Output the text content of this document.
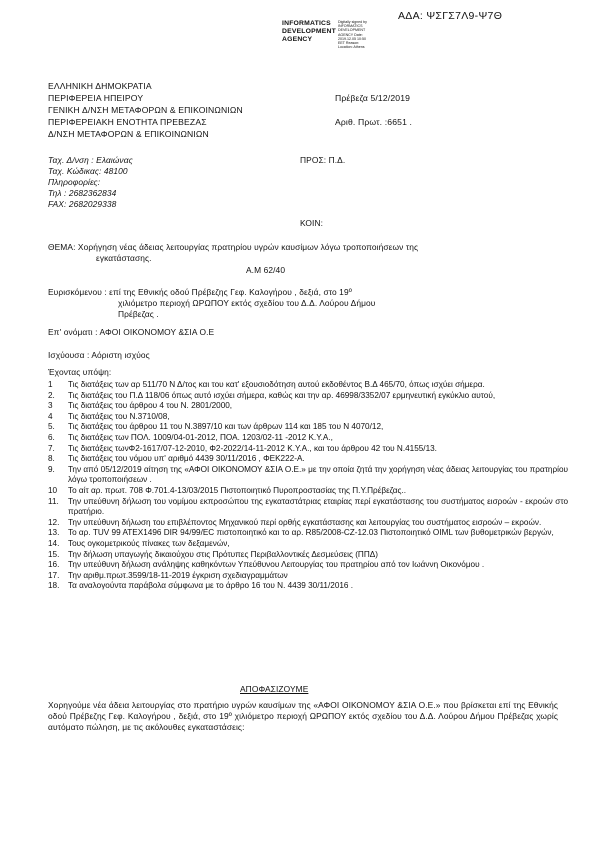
ΑΔΑ: ΨΣΓΣ7Λ9-Ψ7Θ
INFORMATICS
DEVELOPMENT
AGENCY
Digitally signed by INFORMATICS DEVELOPMENT AGENCY Date: 2019.12.05 10:50 EET Reason: Location: Athens
ΕΛΛΗΝΙΚΗ ΔΗΜΟΚΡΑΤΙΑ
ΠΕΡΙΦΕΡΕΙΑ ΗΠΕΙΡΟΥ
ΓΕΝΙΚΗ Δ/ΝΣΗ ΜΕΤΑΦΟΡΩΝ & ΕΠΙΚΟΙΝΩΝΙΩΝ
ΠΕΡΙΦΕΡΕΙΑΚΗ ΕΝΟΤΗΤΑ ΠΡΕΒΕΖΑΣ
Δ/ΝΣΗ ΜΕΤΑΦΟΡΩΝ & ΕΠΙΚΟΙΝΩΝΙΩΝ
Πρέβεζα 5/12/2019
Αριθ. Πρωτ. :6651 .
Ταχ. Δ/νση : Ελαιώνας
Ταχ. Κώδικας: 48100
Πληροφορίες:
Τηλ : 2682362834
FAX: 2682029338
ΠΡΟΣ: Π.Δ.
ΚΟΙΝ:
ΘΕΜΑ: Χορήγηση νέας άδειας λειτουργίας πρατηρίου υγρών καυσίμων λόγω τροποποιήσεων της
εγκατάστασης.
Α.Μ 62/40
Ευρισκόμενου : επί της Εθνικής οδού Πρέβεζης Γεφ. Καλογήρου , δεξιά, στο 19º
χιλιόμετρο περιοχή ΩΡΩΠΟΥ εκτός σχεδίου του Δ.Δ. Λούρου Δήμου
Πρέβεζας .
Επ' ονόματι : ΑΦΟΙ ΟΙΚΟΝΟΜΟΥ &ΣΙΑ Ο.Ε
Ισχύουσα : Αόριστη ισχύος
Έχοντας υπόψη:
1	Τις διατάξεις των αρ 511/70 Ν Δ/τος και του κατ' εξουσιοδότηση αυτού εκδοθέντος Β.Δ 465/70, όπως ισχύει σήμερα.
2.	Τις διατάξεις του Π.Δ 118/06 όπως αυτό ισχύει σήμερα, καθώς και την αρ. 46998/3352/07 ερμηνευτική εγκύκλιο αυτού,
3	Τις διατάξεις του άρθρου 4 του Ν. 2801/2000,
4	Τις διατάξεις του Ν.3710/08,
5.	Τις διατάξεις του άρθρου 11 του Ν.3897/10 και των άρθρων 114 και 185 του Ν 4070/12,
6.	Τις διατάξεις των ΠΟΛ. 1009/04-01-2012, ΠΟΑ. 1203/02-11 -2012 Κ.Υ.Α.,
7.	Τις διατάξεις τωνΦ2-1617/07-12-2010, Φ2-2022/14-11-2012 Κ.Υ.Α., και του άρθρου 42 του Ν.4155/13.
8.	Τις διατάξεις του νόμου υπ' αριθμό 4439 30/11/2016 , ΦΕΚ222-Α.
9.	Την από 05/12/2019 αίτηση της «ΑΦΟΙ ΟΙΚΟΝΟΜΟΥ &ΣΙΑ Ο.Ε.» με την οποία ζητά την χορήγηση νέας άδειας λειτουργίας του πρατηρίου λόγω τροποποιήσεων .
10	Το αίτ αρ. πρωτ. 708 Φ.701.4-13/03/2015 Πιστοποιητικό Πυροπροστασίας της Π.Υ.Πρέβεζας..
11.	Την υπεύθυνη δήλωση του νομίμου εκπροσώπου της εγκαταστάτριας εταιρίας περί εγκατάστασης του συστήματος εισροών - εκροών στο πρατήριο.
12.	Την υπεύθυνη δήλωση του επιβλέποντος Μηχανικού περί ορθής εγκατάστασης και λειτουργίας του συστήματος εισροών – εκροών.
13.	Το αρ. TUV 99 ATEX1496 DIR 94/99/EC πιστοποιητικό και το αρ. R85/2008-CZ-12.03 Πιστοποιητικό OIML των βυθομετρικών βεργών,
14.	Τους ογκομετρικούς πίνακες των δεξαμενών,
15.	Την δήλωση υπαγωγής δικαιούχου στις Πρότυπες Περιβαλλοντικές Δεσμεύσεις (ΠΠΔ)
16.	Την υπεύθυνη δήλωση ανάληψης καθηκόντων Υπεύθυνου Λειτουργίας του πρατηρίου από τον Ιωάννη Οικονόμου .
17.	Την αριθμ.πρωτ.3599/18-11-2019 έγκριση σχεδιαγραμμάτων
18.	Τα αναλογούντα παράβολα σύμφωνα με το άρθρο 16 του Ν. 4439 30/11/2016 .
ΑΠΟΦΑΣΙΖΟΥΜΕ
Χορηγούμε νέα άδεια λειτουργίας στο πρατήριο υγρών καυσίμων της «ΑΦΟΙ ΟΙΚΟΝΟΜΟΥ &ΣΙΑ Ο.Ε.» που βρίσκεται επί της Εθνικής οδού Πρέβεζης Γεφ. Καλογήρου , δεξιά, στο 19º χιλιόμετρο περιοχή ΩΡΩΠΟΥ εκτός σχεδίου του Δ.Δ. Λούρου Δήμου Πρέβεζας χωρίς αυτόματο πώληση, με τις ακόλουθες εγκαταστάσεις:
